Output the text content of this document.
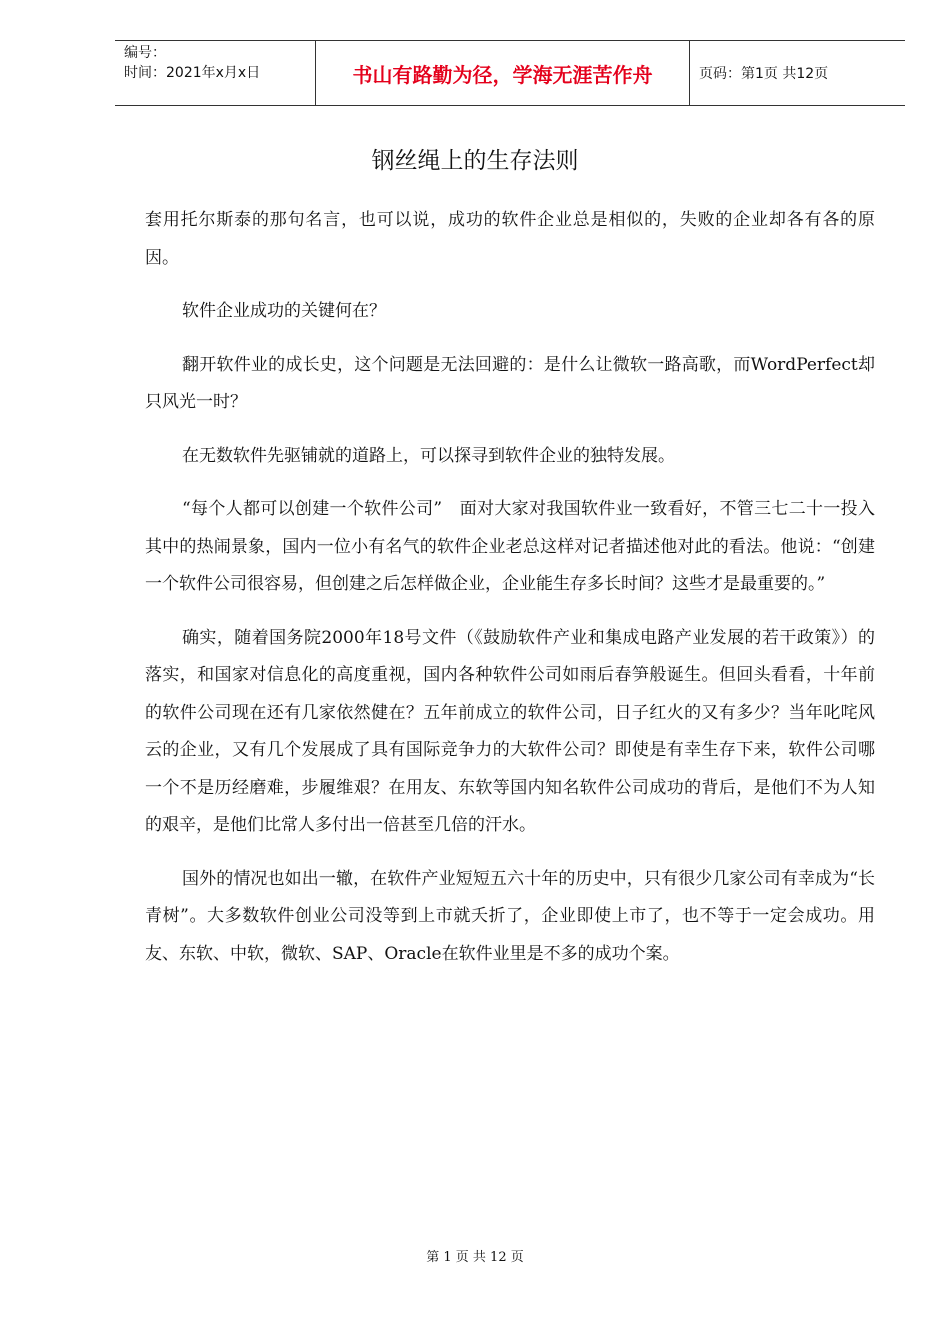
编号：
时间：2021年x月x日	书山有路勤为径，学海无涯苦作舟	页码：第1页 共12页
钢丝绳上的生存法则

套用托尔斯泰的那句名言，也可以说，成功的软件企业总是相似的，失败的企业却各有各的原因。

软件企业成功的关键何在？

翻开软件业的成长史，这个问题是无法回避的：是什么让微软一路高歌，而WordPerfect却只风光一时？

在无数软件先驱铺就的道路上，可以探寻到软件企业的独特发展。

“每个人都可以创建一个软件公司”　面对大家对我国软件业一致看好，不管三七二十一投入其中的热闹景象，国内一位小有名气的软件企业老总这样对记者描述他对此的看法。他说：“创建一个软件公司很容易，但创建之后怎样做企业，企业能生存多长时间？这些才是最重要的。”

确实，随着国务院2000年18号文件（《鼓励软件产业和集成电路产业发展的若干政策》）的落实，和国家对信息化的高度重视，国内各种软件公司如雨后春笋般诞生。但回头看看，十年前的软件公司现在还有几家依然健在？五年前成立的软件公司，日子红火的又有多少？当年叱咤风云的企业，又有几个发展成了具有国际竞争力的大软件公司？即使是有幸生存下来，软件公司哪一个不是历经磨难，步履维艰？在用友、东软等国内知名软件公司成功的背后，是他们不为人知的艰辛，是他们比常人多付出一倍甚至几倍的汗水。

国外的情况也如出一辙，在软件产业短短五六十年的历史中，只有很少几家公司有幸成为“长青树”。大多数软件创业公司没等到上市就夭折了，企业即使上市了，也不等于一定会成功。用友、东软、中软，微软、SAP、Oracle在软件业里是不多的成功个案。

第 1 页 共 12 页
